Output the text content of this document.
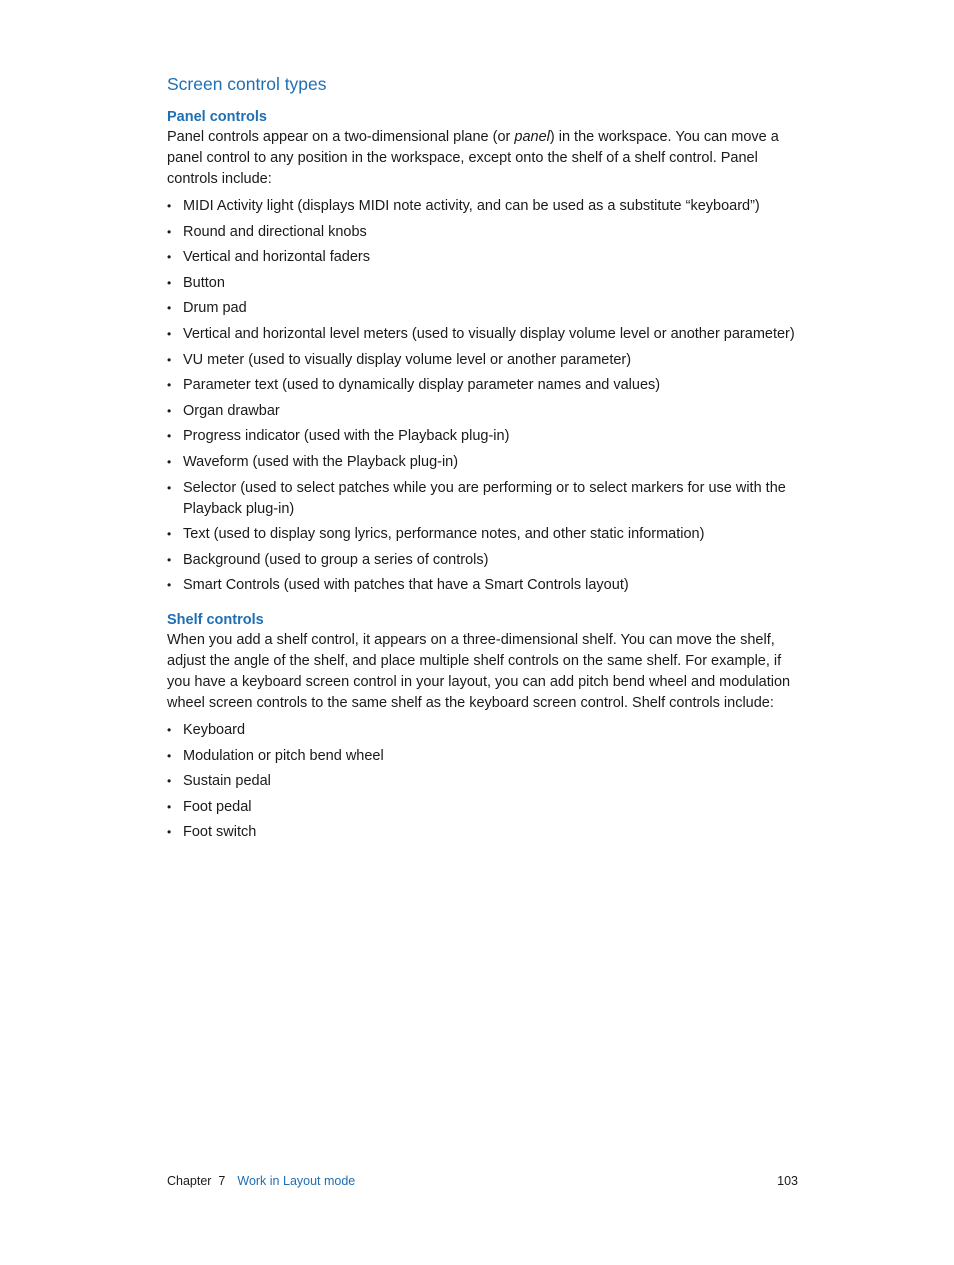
Screen control types
Panel controls

Panel controls appear on a two-dimensional plane (or panel) in the workspace. You can move a panel control to any position in the workspace, except onto the shelf of a shelf control. Panel controls include:

• MIDI Activity light (displays MIDI note activity, and can be used as a substitute “keyboard”)
• Round and directional knobs
• Vertical and horizontal faders
• Button
• Drum pad
• Vertical and horizontal level meters (used to visually display volume level or another parameter)
• VU meter (used to visually display volume level or another parameter)
• Parameter text (used to dynamically display parameter names and values)
• Organ drawbar
• Progress indicator (used with the Playback plug-in)
• Waveform (used with the Playback plug-in)
• Selector (used to select patches while you are performing or to select markers for use with the Playback plug-in)
• Text (used to display song lyrics, performance notes, and other static information)
• Background (used to group a series of controls)
• Smart Controls (used with patches that have a Smart Controls layout)
Shelf controls

When you add a shelf control, it appears on a three-dimensional shelf. You can move the shelf, adjust the angle of the shelf, and place multiple shelf controls on the same shelf. For example, if you have a keyboard screen control in your layout, you can add pitch bend wheel and modulation wheel screen controls to the same shelf as the keyboard screen control. Shelf controls include:

• Keyboard
• Modulation or pitch bend wheel
• Sustain pedal
• Foot pedal
• Foot switch
Chapter  7 Work in Layout mode	103
